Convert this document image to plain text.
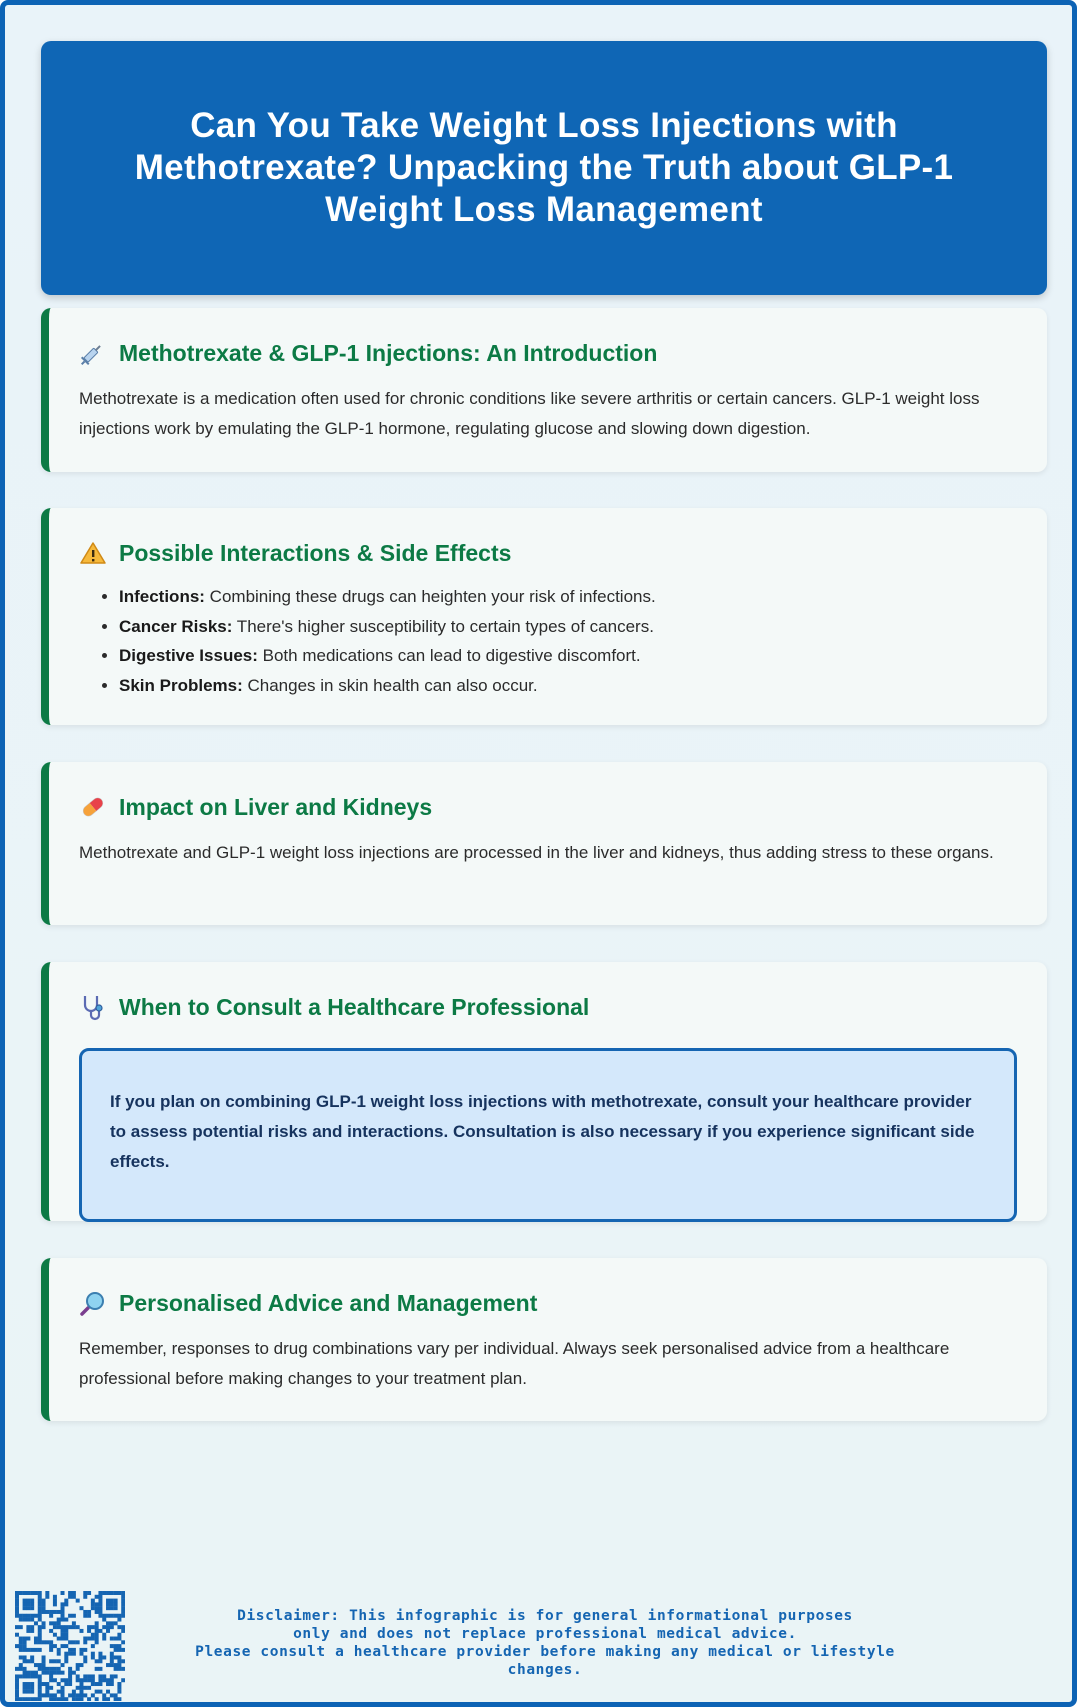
Can You Take Weight Loss Injections with Methotrexate? Unpacking the Truth about GLP-1 Weight Loss Management
Methotrexate & GLP-1 Injections: An Introduction

Methotrexate is a medication often used for chronic conditions like severe arthritis or certain cancers. GLP-1 weight loss injections work by emulating the GLP-1 hormone, regulating glucose and slowing down digestion.

Possible Interactions & Side Effects
• Infections: Combining these drugs can heighten your risk of infections.
• Cancer Risks: There's higher susceptibility to certain types of cancers.
• Digestive Issues: Both medications can lead to digestive discomfort.
• Skin Problems: Changes in skin health can also occur.
Impact on Liver and Kidneys

Methotrexate and GLP-1 weight loss injections are processed in the liver and kidneys, thus adding stress to these organs.

When to Consult a Healthcare Professional

If you plan on combining GLP-1 weight loss injections with methotrexate, consult your healthcare provider to assess potential risks and interactions. Consultation is also necessary if you experience significant side effects.

Personalised Advice and Management

Remember, responses to drug combinations vary per individual. Always seek personalised advice from a healthcare professional before making changes to your treatment plan.

Disclaimer: This infographic is for general informational purposes
only and does not replace professional medical advice.
Please consult a healthcare provider before making any medical or lifestyle changes.
